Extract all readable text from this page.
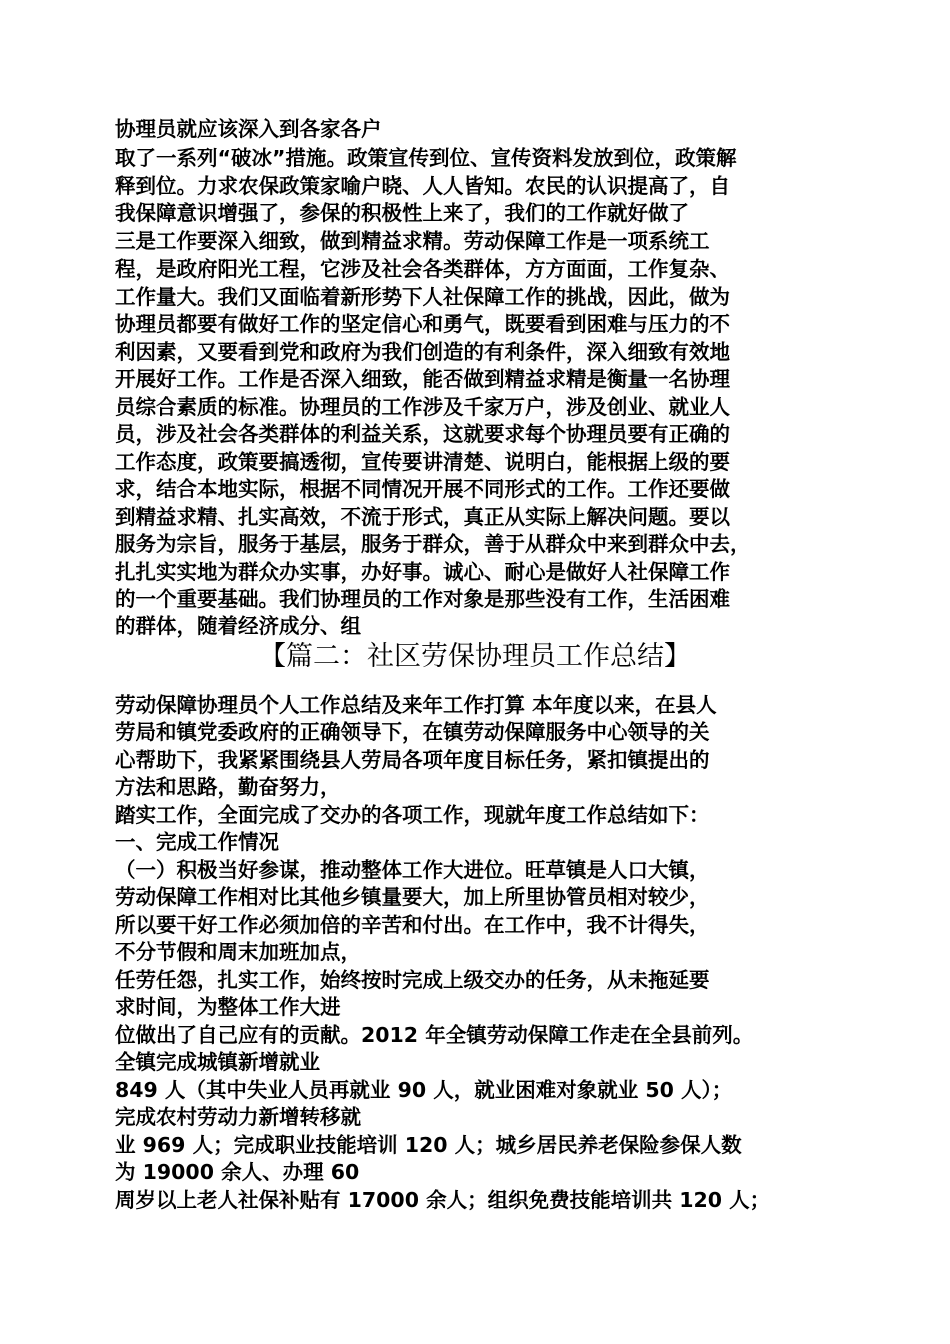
协理员就应该深入到各家各户
取了一系列“破冰”措施。政策宣传到位、宣传资料发放到位，政策解
释到位。力求农保政策家喻户晓、人人皆知。农民的认识提高了，自
我保障意识增强了，参保的积极性上来了，我们的工作就好做了
三是工作要深入细致，做到精益求精。劳动保障工作是一项系统工
程，是政府阳光工程，它涉及社会各类群体，方方面面，工作复杂、
工作量大。我们又面临着新形势下人社保障工作的挑战，因此，做为
协理员都要有做好工作的坚定信心和勇气，既要看到困难与压力的不
利因素，又要看到党和政府为我们创造的有利条件，深入细致有效地
开展好工作。工作是否深入细致，能否做到精益求精是衡量一名协理
员综合素质的标准。协理员的工作涉及千家万户，涉及创业、就业人
员，涉及社会各类群体的利益关系，这就要求每个协理员要有正确的
工作态度，政策要搞透彻，宣传要讲清楚、说明白，能根据上级的要
求，结合本地实际，根据不同情况开展不同形式的工作。工作还要做
到精益求精、扎实高效，不流于形式，真正从实际上解决问题。要以
服务为宗旨，服务于基层，服务于群众，善于从群众中来到群众中去，
扎扎实实地为群众办实事，办好事。诚心、耐心是做好人社保障工作
的一个重要基础。我们协理员的工作对象是那些没有工作，生活困难
的群体，随着经济成分、组
【篇二：社区劳保协理员工作总结】
劳动保障协理员个人工作总结及来年工作打算 本年度以来，在县人
劳局和镇党委政府的正确领导下，在镇劳动保障服务中心领导的关
心帮助下，我紧紧围绕县人劳局各项年度目标任务，紧扣镇提出的
方法和思路，勤奋努力，
踏实工作，全面完成了交办的各项工作，现就年度工作总结如下：
一、完成工作情况
（一）积极当好参谋，推动整体工作大进位。旺草镇是人口大镇，
劳动保障工作相对比其他乡镇量要大，加上所里协管员相对较少，
所以要干好工作必须加倍的辛苦和付出。在工作中，我不计得失，
不分节假和周末加班加点，
任劳任怨，扎实工作，始终按时完成上级交办的任务，从未拖延要
求时间，为整体工作大进
位做出了自己应有的贡献。2012 年全镇劳动保障工作走在全县前列。
全镇完成城镇新增就业
849 人（其中失业人员再就业 90 人，就业困难对象就业 50 人）；
完成农村劳动力新增转移就
业 969 人；完成职业技能培训 120 人；城乡居民养老保险参保人数
为 19000 余人、办理 60
周岁以上老人社保补贴有 17000 余人；组织免费技能培训共 120 人；
